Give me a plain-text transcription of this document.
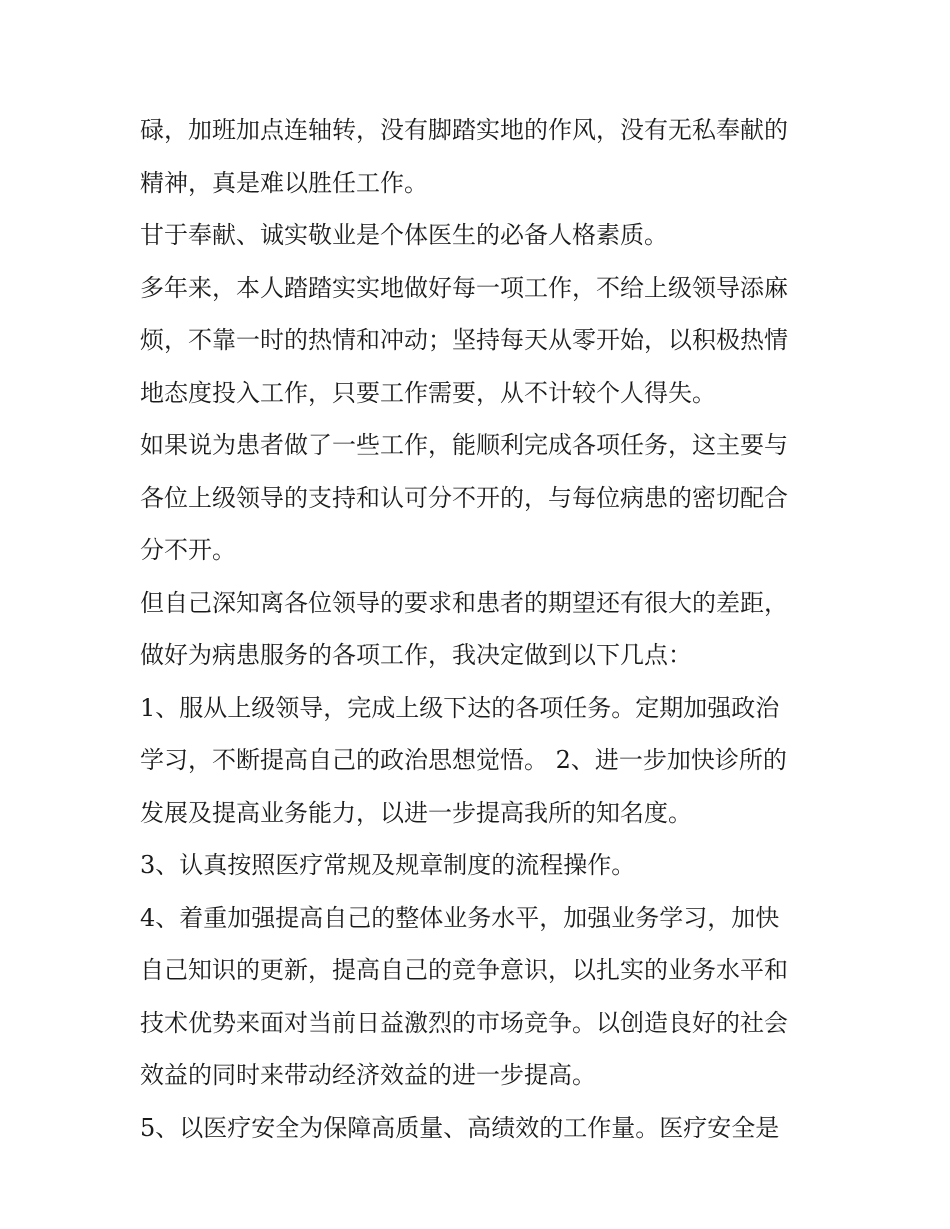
碌，加班加点连轴转，没有脚踏实地的作风，没有无私奉献的
精神，真是难以胜任工作。
甘于奉献、诚实敬业是个体医生的必备人格素质。
多年来，本人踏踏实实地做好每一项工作，不给上级领导添麻
烦，不靠一时的热情和冲动；坚持每天从零开始，以积极热情
地态度投入工作，只要工作需要，从不计较个人得失。
如果说为患者做了一些工作，能顺利完成各项任务，这主要与
各位上级领导的支持和认可分不开的，与每位病患的密切配合
分不开。
但自己深知离各位领导的要求和患者的期望还有很大的差距，
做好为病患服务的各项工作，我决定做到以下几点：
1、服从上级领导，完成上级下达的各项任务。定期加强政治
学习，不断提高自己的政治思想觉悟。 2、进一步加快诊所的
发展及提高业务能力，以进一步提高我所的知名度。
3、认真按照医疗常规及规章制度的流程操作。
4、着重加强提高自己的整体业务水平，加强业务学习，加快
自己知识的更新，提高自己的竞争意识，以扎实的业务水平和
技术优势来面对当前日益激烈的市场竞争。以创造良好的社会
效益的同时来带动经济效益的进一步提高。
5、以医疗安全为保障高质量、高绩效的工作量。医疗安全是
